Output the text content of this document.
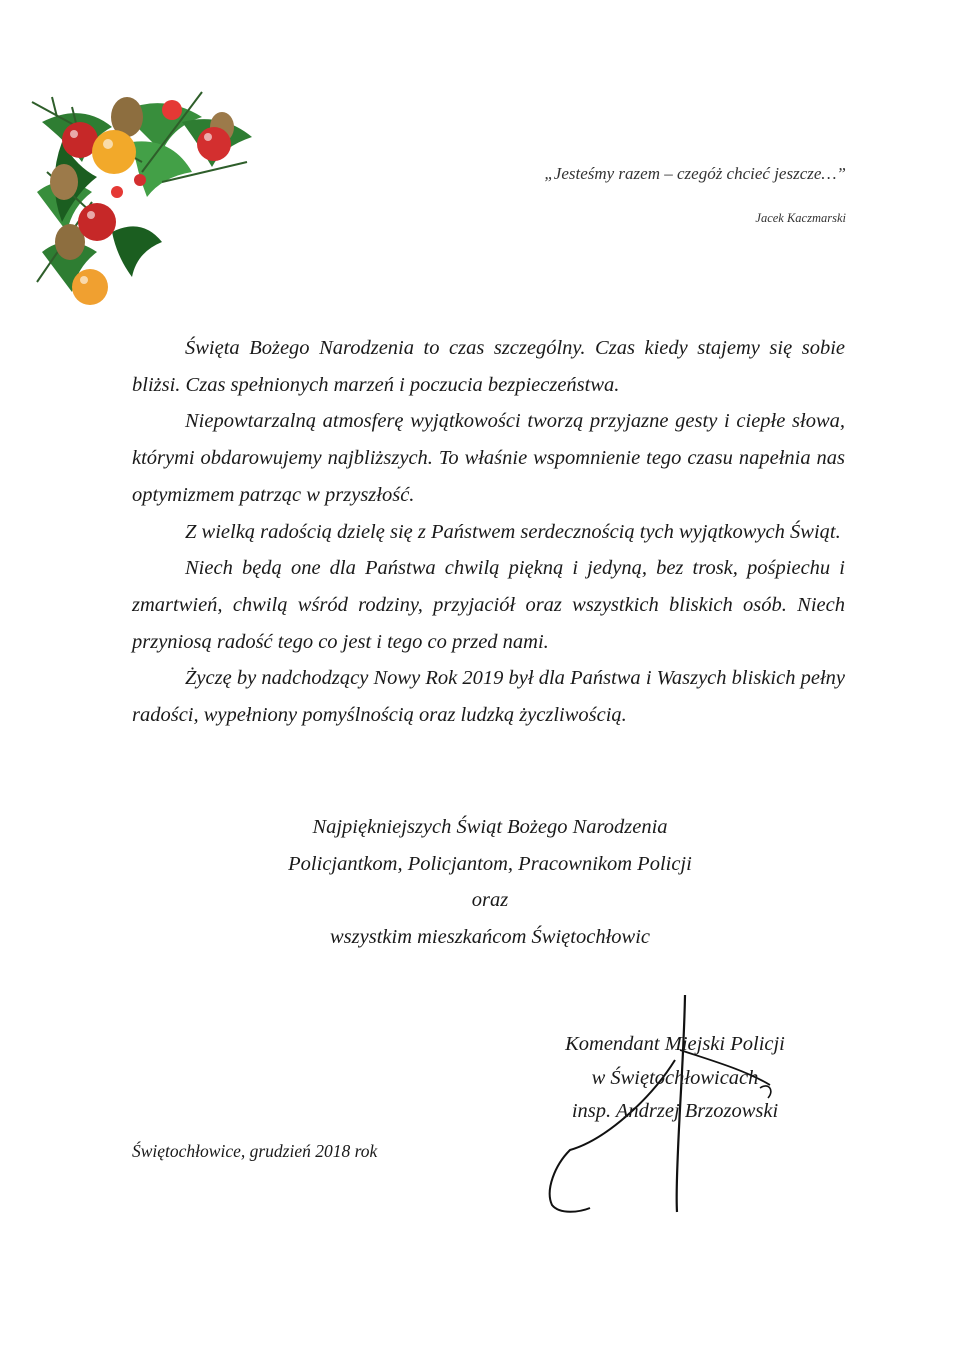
„Jesteśmy razem – czegóż chcieć jeszcze…”
Jacek Kaczmarski

Święta Bożego Narodzenia to czas szczególny. Czas kiedy stajemy się sobie bliżsi. Czas spełnionych marzeń i poczucia bezpieczeństwa.

Niepowtarzalną atmosferę wyjątkowości tworzą przyjazne gesty i ciepłe słowa, którymi obdarowujemy najbliższych. To właśnie wspomnienie tego czasu napełnia nas optymizmem patrząc w przyszłość.

Z wielką radością dzielę się z Państwem serdecznością tych wyjątkowych Świąt.

Niech będą one dla Państwa chwilą piękną i jedyną, bez trosk, pośpiechu i zmartwień, chwilą wśród rodziny, przyjaciół oraz wszystkich bliskich osób. Niech przyniosą radość tego co jest i tego co przed nami.

Życzę by nadchodzący Nowy Rok 2019 był dla Państwa i Waszych bliskich pełny radości, wypełniony pomyślnością oraz ludzką życzliwością.

Najpiękniejszych Świąt Bożego Narodzenia
Policjantkom, Policjantom, Pracownikom Policji
oraz
wszystkim mieszkańcom Świętochłowic
Komendant Miejski Policji
w Świętochłowicach
insp. Andrzej Brzozowski
Świętochłowice, grudzień 2018 rok
